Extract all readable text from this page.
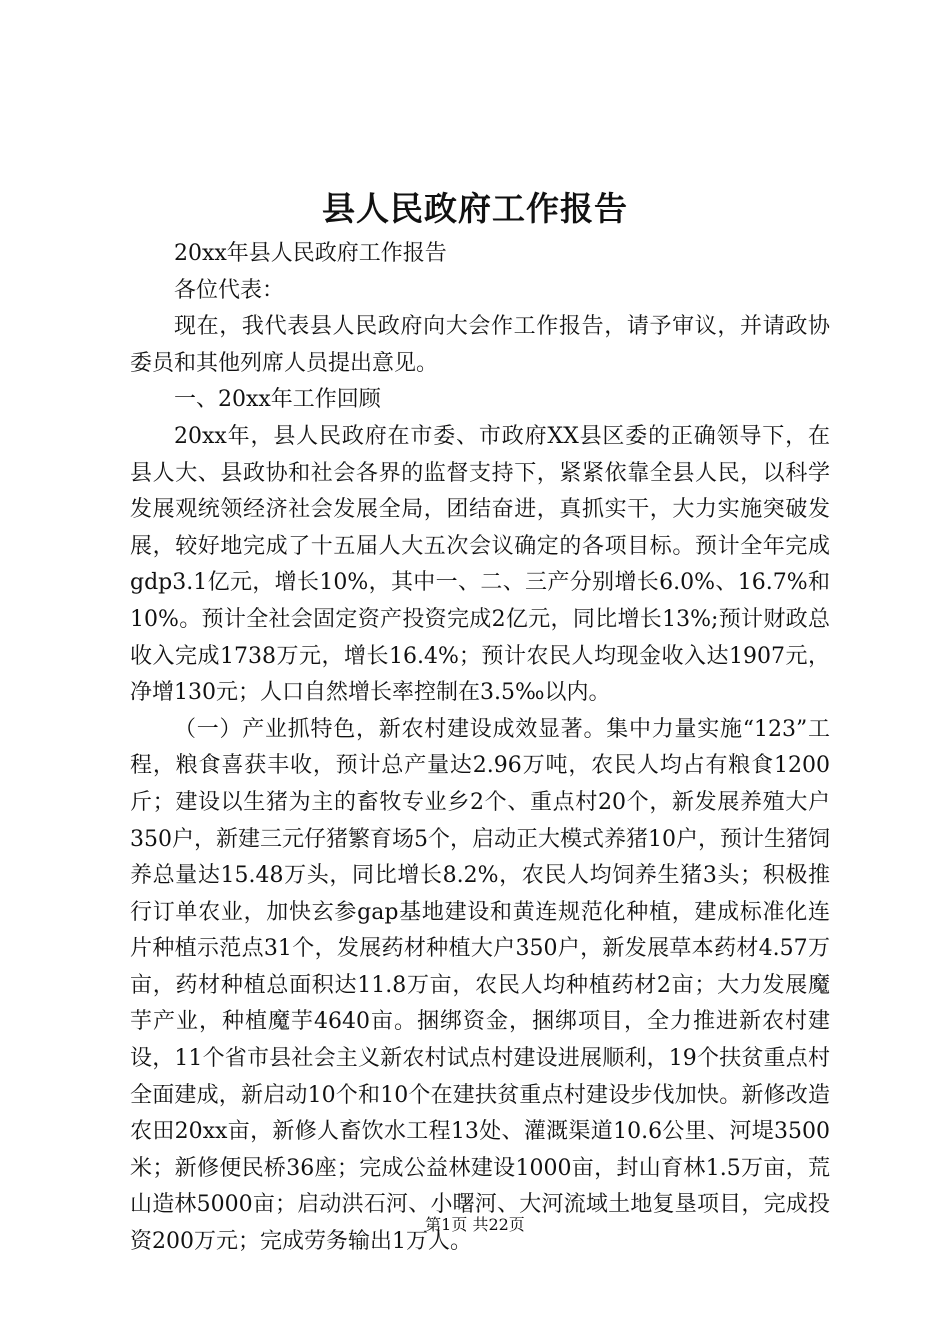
县人民政府工作报告

20xx年县人民政府工作报告

各位代表：

现在，我代表县人民政府向大会作工作报告，请予审议，并请政协委员和其他列席人员提出意见。

一、20xx年工作回顾

20xx年，县人民政府在市委、市政府XX县区委的正确领导下，在县人大、县政协和社会各界的监督支持下，紧紧依靠全县人民，以科学发展观统领经济社会发展全局，团结奋进，真抓实干，大力实施突破发展，较好地完成了十五届人大五次会议确定的各项目标。预计全年完成gdp3.1亿元，增长10%，其中一、二、三产分别增长6.0%、16.7%和10%。预计全社会固定资产投资完成2亿元，同比增长13%;预计财政总收入完成1738万元，增长16.4%；预计农民人均现金收入达1907元，净增130元；人口自然增长率控制在3.5‰以内。

（一）产业抓特色，新农村建设成效显著。集中力量实施“123”工程，粮食喜获丰收，预计总产量达2.96万吨，农民人均占有粮食1200斤；建设以生猪为主的畜牧专业乡2个、重点村20个，新发展养殖大户350户，新建三元仔猪繁育场5个，启动正大模式养猪10户，预计生猪饲养总量达15.48万头，同比增长8.2%，农民人均饲养生猪3头；积极推行订单农业，加快玄参gap基地建设和黄连规范化种植，建成标准化连片种植示范点31个，发展药材种植大户350户，新发展草本药材4.57万亩，药材种植总面积达11.8万亩，农民人均种植药材2亩；大力发展魔芋产业，种植魔芋4640亩。捆绑资金，捆绑项目，全力推进新农村建设，11个省市县社会主义新农村试点村建设进展顺利，19个扶贫重点村全面建成，新启动10个和10个在建扶贫重点村建设步伐加快。新修改造农田20xx亩，新修人畜饮水工程13处、灌溉渠道10.6公里、河堤3500米；新修便民桥36座；完成公益林建设1000亩，封山育林1.5万亩，荒山造林5000亩；启动洪石河、小曙河、大河流域土地复垦项目，完成投资200万元；完成劳务输出1万人。

第1页 共22页
